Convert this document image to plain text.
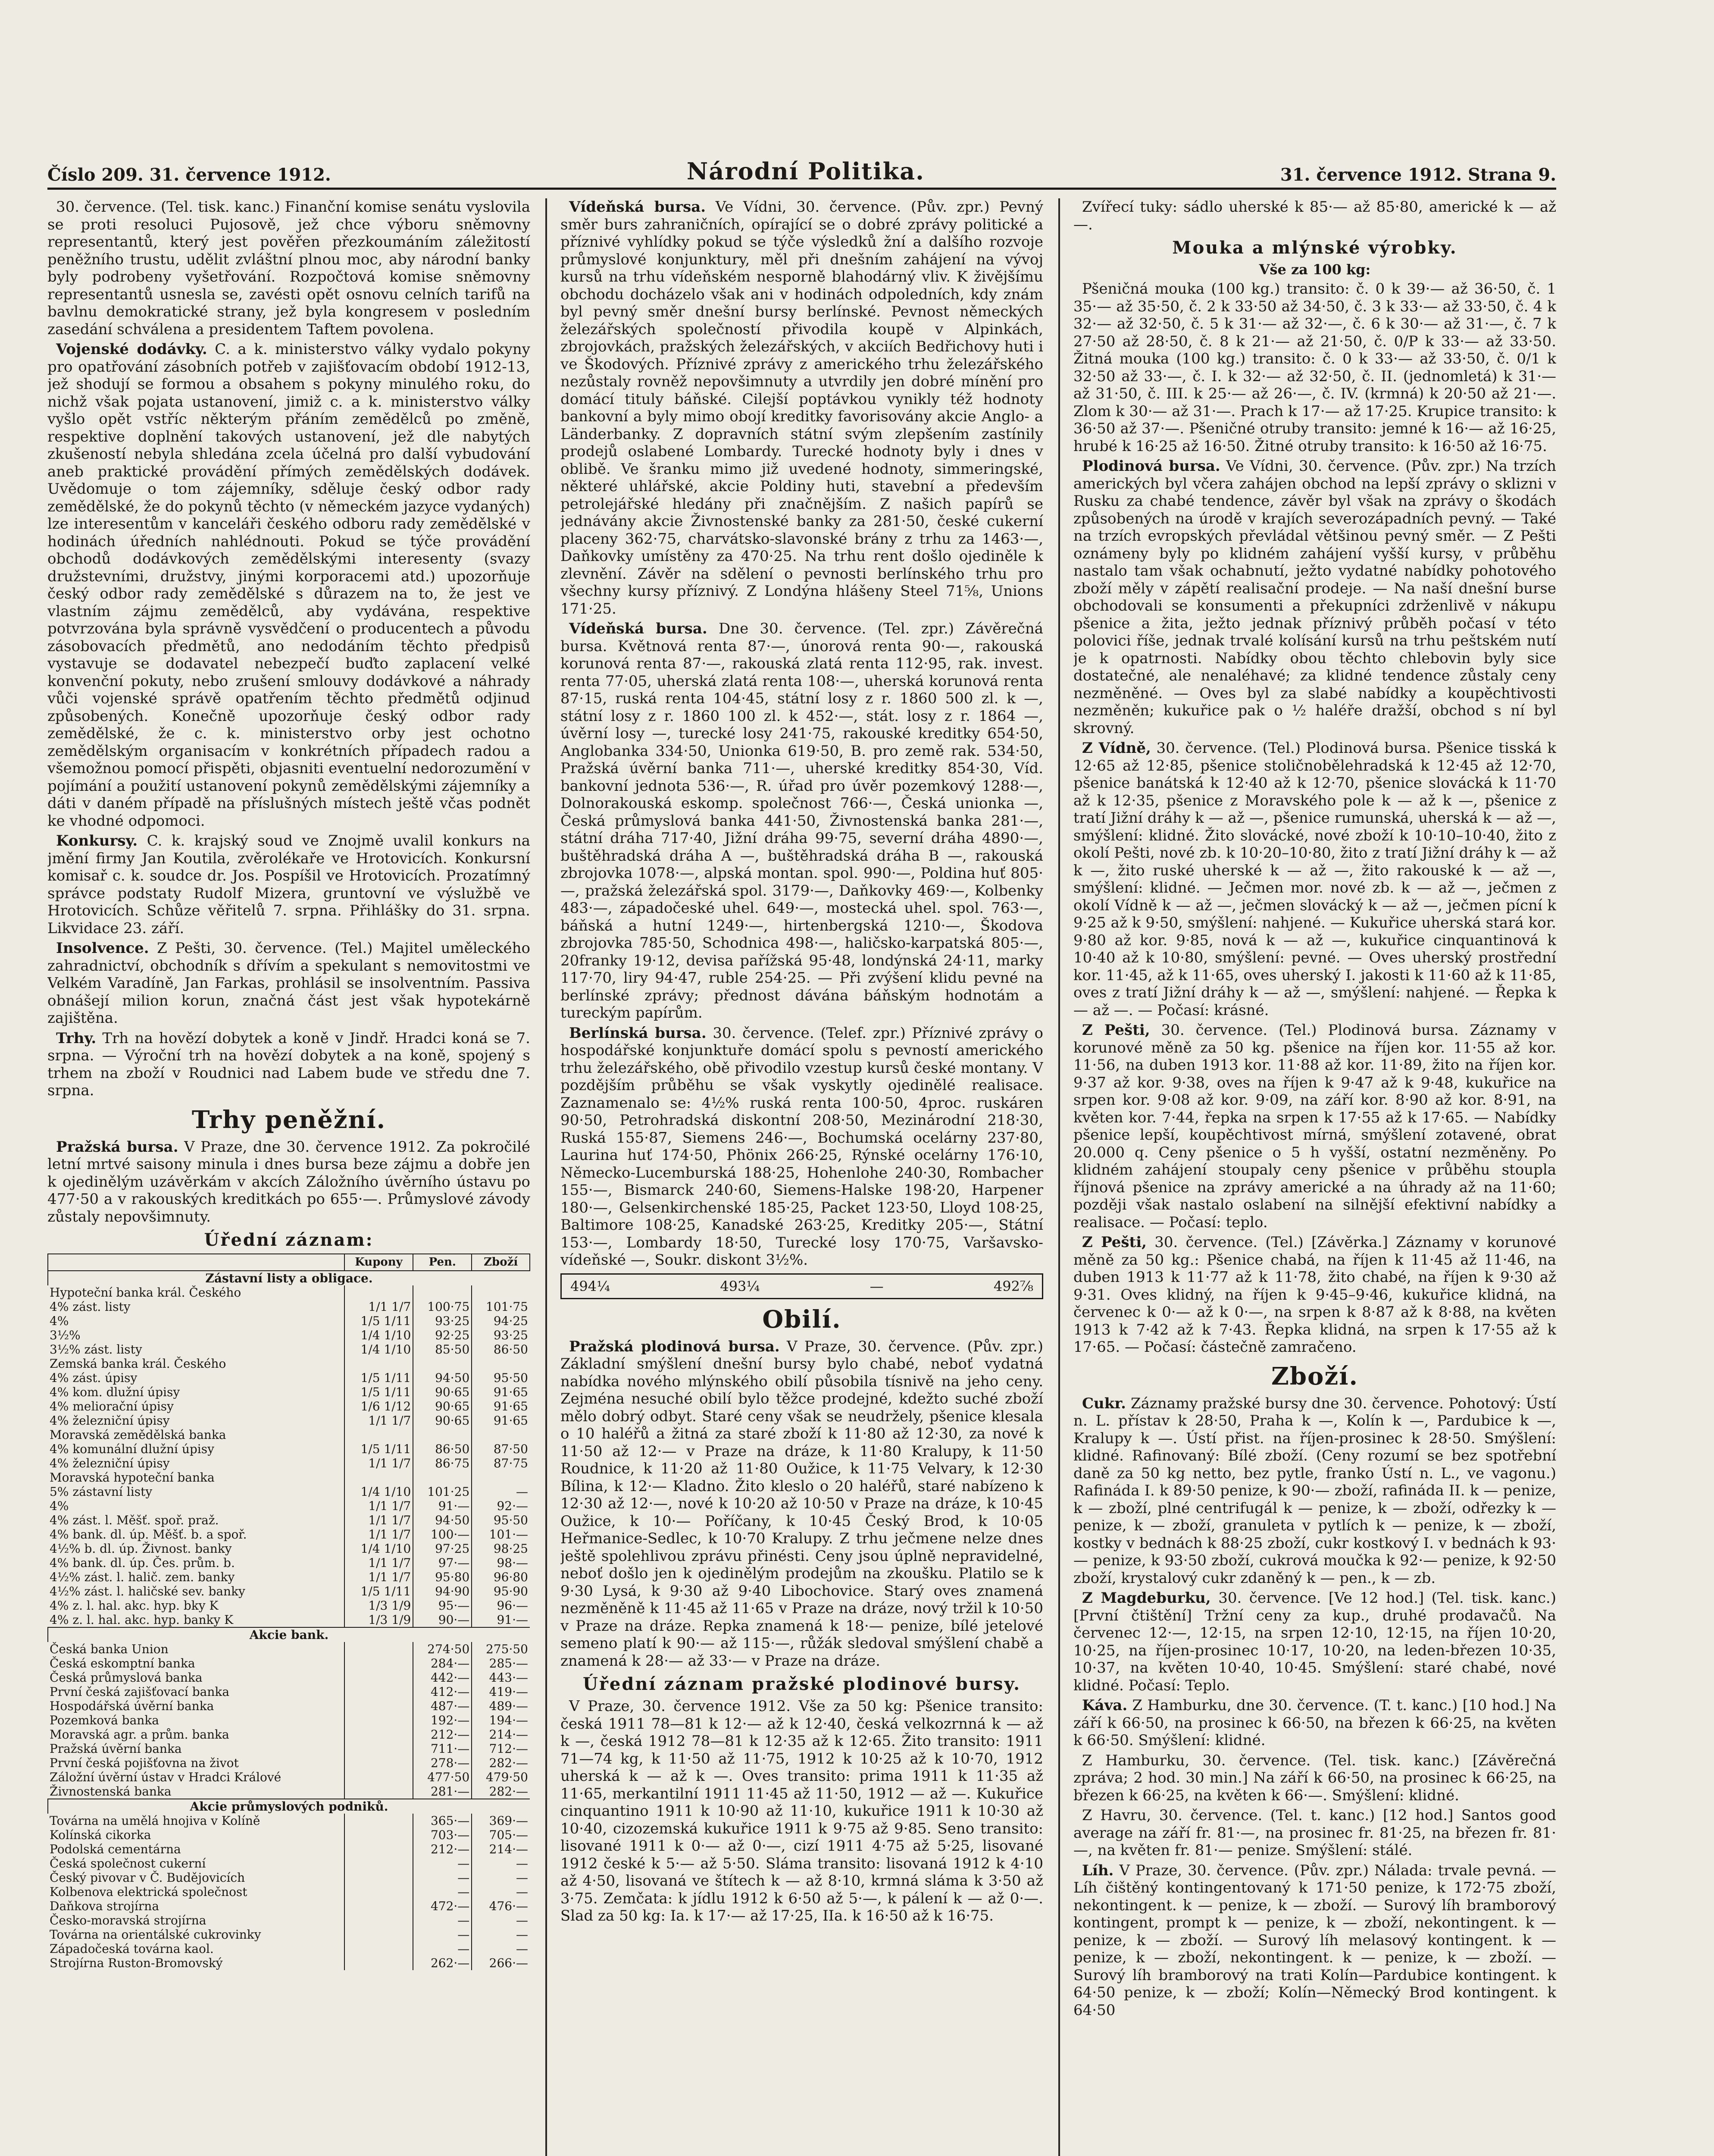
Číslo 209. 31. července 1912.	Národní Politika.	31. července 1912. Strana 9.

30. července. (Tel. tisk. kanc.) Finanční komise senátu vyslovila se proti resoluci Pujosově, jež chce výboru sněmovny representantů, který jest pověřen přezkoumáním záležitostí peněžního trustu, udělit zvláštní plnou moc, aby národní banky byly podrobeny vyšetřování. Rozpočtová komise sněmovny representantů usnesla se, zavésti opět osnovu celních tarifů na bavlnu demokratické strany, jež byla kongresem v posledním zasedání schválena a presidentem Taftem povolena.

Vojenské dodávky. C. a k. ministerstvo války vydalo pokyny pro opatřování zásobních potřeb v zajišťovacím období 1912-13, jež shodují se formou a obsahem s pokyny minulého roku, do nichž však pojata ustanovení, jimiž c. a k. ministerstvo války vyšlo opět vstříc některým přáním zemědělců po změně, respektive doplnění takových ustanovení, jež dle nabytých zkušeností nebyla shledána zcela účelná pro další vybudování aneb praktické provádění přímých zemědělských dodávek. Uvědomuje o tom zájemníky, sděluje český odbor rady zemědělské, že do pokynů těchto (v německém jazyce vydaných) lze interesentům v kanceláři českého odboru rady zemědělské v hodinách úředních nahlédnouti. Pokud se týče provádění obchodů dodávkových zemědělskými interesenty (svazy družstevními, družstvy, jinými korporacemi atd.) upozorňuje český odbor rady zemědělské s důrazem na to, že jest ve vlastním zájmu zemědělců, aby vydávána, respektive potvrzována byla správně vysvědčení o producentech a původu zásobovacích předmětů, ano nedodáním těchto předpisů vystavuje se dodavatel nebezpečí buďto zaplacení velké konvenční pokuty, nebo zrušení smlouvy dodávkové a náhrady vůči vojenské správě opatřením těchto předmětů odjinud způsobených. Konečně upozorňuje český odbor rady zemědělské, že c. k. ministerstvo orby jest ochotno zemědělským organisacím v konkrétních případech radou a všemožnou pomocí přispěti, objasniti eventuelní nedorozumění v pojímání a použití ustanovení pokynů zemědělskými zájemníky a dáti v daném případě na příslušných místech ještě včas podnět ke vhodné odpomoci.

Konkursy. C. k. krajský soud ve Znojmě uvalil konkurs na jmění firmy Jan Koutila, zvěrolékaře ve Hrotovicích. Konkursní komisař c. k. soudce dr. Jos. Pospíšil ve Hrotovicích. Prozatímný správce podstaty Rudolf Mizera, gruntovní ve výslužbě ve Hrotovicích. Schůze věřitelů 7. srpna. Přihlášky do 31. srpna. Likvidace 23. září.

Insolvence. Z Pešti, 30. července. (Tel.) Majitel uměleckého zahradnictví, obchodník s dřívím a spekulant s nemovitostmi ve Velkém Varadíně, Jan Farkas, prohlásil se insolventním. Passiva obnášejí milion korun, značná část jest však hypotekárně zajištěna.

Trhy. Trh na hovězí dobytek a koně v Jindř. Hradci koná se 7. srpna. — Výroční trh na hovězí dobytek a na koně, spojený s trhem na zboží v Roudnici nad Labem bude ve středu dne 7. srpna.

Trhy peněžní.

Pražská bursa. V Praze, dne 30. července 1912. Za pokročilé letní mrtvé saisony minula i dnes bursa beze zájmu a dobře jen k ojedinělým uzávěrkám v akcích Záložního úvěrního ústavu po 477·50 a v rakouských kreditkách po 655·—. Průmyslové závody zůstaly nepovšimnuty.

Úřední záznam:
	Kupony	Pen.	Zboží
Zástavní listy a obligace.			
Hypoteční banka král. Českého			
4% zást. listy	1/1 1/7	100·75	101·75
4%	1/5 1/11	93·25	94·25
3½%	1/4 1/10	92·25	93·25
3½% zást. listy	1/4 1/10	85·50	86·50
Zemská banka král. Českého			
4% zást. úpisy	1/5 1/11	94·50	95·50
4% kom. dlužní úpisy	1/5 1/11	90·65	91·65
4% meliorační úpisy	1/6 1/12	90·65	91·65
4% železniční úpisy	1/1 1/7	90·65	91·65
Moravská zemědělská banka			
4% komunální dlužní úpisy	1/5 1/11	86·50	87·50
4% železniční úpisy	1/1 1/7	86·75	87·75
Moravská hypoteční banka			
5% zástavní listy	1/4 1/10	101·25	—
4%	1/1 1/7	91·—	92·—
4% zást. l. Měšť. spoř. praž.	1/1 1/7	94·50	95·50
4% bank. dl. úp. Měšť. b. a spoř.	1/1 1/7	100·—	101·—
4½% b. dl. úp. Živnost. banky	1/4 1/10	97·25	98·25
4% bank. dl. úp. Čes. prům. b.	1/1 1/7	97·—	98·—
4½% zást. l. halič. zem. banky	1/1 1/7	95·80	96·80
4½% zást. l. haličské sev. banky	1/5 1/11	94·90	95·90
4% z. l. hal. akc. hyp. bky K	1/3 1/9	95·—	96·—
4% z. l. hal. akc. hyp. banky K	1/3 1/9	90·—	91·—
Akcie bank.			
Česká banka Union		274·50	275·50
Česká eskomptní banka		284·—	285·—
Česká průmyslová banka		442·—	443·—
První česká zajišťovací banka		412·—	419·—
Hospodářská úvěrní banka		487·—	489·—
Pozemková banka		192·—	194·—
Moravská agr. a prům. banka		212·—	214·—
Pražská úvěrní banka		711·—	712·—
První česká pojišťovna na život		278·—	282·—
Záložní úvěrní ústav v Hradci Králové		477·50	479·50
Živnostenská banka		281·—	282·—
Akcie průmyslových podniků.			
Továrna na umělá hnojiva v Kolíně		365·—	369·—
Kolínská cikorka		703·—	705·—
Podolská cementárna		212·—	214·—
Česká společnost cukerní		—	—
Český pivovar v Č. Budějovicích		—	—
Kolbenova elektrická společnost		—	—
Daňkova strojírna		472·—	476·—
Česko-moravská strojírna		—	—
Továrna na orientálské cukrovinky		—	—
Západočeská továrna kaol.		—	—
Strojírna Ruston-Bromovský		262·—	266·—

Vídeňská bursa. Ve Vídni, 30. července. (Pův. zpr.) Pevný směr burs zahraničních, opírající se o dobré zprávy politické a příznivé vyhlídky pokud se týče výsledků žní a dalšího rozvoje průmyslové konjunktury, měl při dnešním zahájení na vývoj kursů na trhu vídeňském nesporně blahodárný vliv. K živějšímu obchodu docházelo však ani v hodinách odpoledních, kdy znám byl pevný směr dnešní bursy berlínské. Pevnost německých železářských společností přivodila koupě v Alpinkách, zbrojovkách, pražských železářských, v akciích Bedřichovy huti i ve Škodových. Příznivé zprávy z amerického trhu železářského nezůstaly rovněž nepovšimnuty a utvrdily jen dobré mínění pro domácí tituly báňské. Cilejší poptávkou vynikly též hodnoty bankovní a byly mimo obojí kreditky favorisovány akcie Anglo- a Länderbanky. Z dopravních státní svým zlepšením zastínily prodejů oslabené Lombardy. Turecké hodnoty byly i dnes v oblibě. Ve šranku mimo již uvedené hodnoty, simmeringské, některé uhlářské, akcie Poldiny huti, stavební a především petrolejářské hledány při značnějším. Z našich papírů se jednávány akcie Živnostenské banky za 281·50, české cukerní placeny 362·75, charvátsko-slavonské brány z trhu za 1463·—, Daňkovky umístěny za 470·25. Na trhu rent došlo ojediněle k zlevnění. Závěr na sdělení o pevnosti berlínského trhu pro všechny kursy příznivý. Z Londýna hlášeny Steel 71⅝, Unions 171·25.

Vídeňská bursa. Dne 30. července. (Tel. zpr.) Závěrečná bursa. Květnová renta 87·—, únorová renta 90·—, rakouská korunová renta 87·—, rakouská zlatá renta 112·95, rak. invest. renta 77·05, uherská zlatá renta 108·—, uherská korunová renta 87·15, ruská renta 104·45, státní losy z r. 1860 500 zl. k —, státní losy z r. 1860 100 zl. k 452·—, stát. losy z r. 1864 —, úvěrní losy —, turecké losy 241·75, rakouské kreditky 654·50, Anglobanka 334·50, Unionka 619·50, B. pro země rak. 534·50, Pražská úvěrní banka 711·—, uherské kreditky 854·30, Víd. bankovní jednota 536·—, R. úřad pro úvěr pozemkový 1288·—, Dolnorakouská eskomp. společnost 766·—, Česká unionka —, Česká průmyslová banka 441·50, Živnostenská banka 281·—, státní dráha 717·40, Jižní dráha 99·75, severní dráha 4890·—, buštěhradská dráha A —, buštěhradská dráha B —, rakouská zbrojovka 1078·—, alpská montan. spol. 990·—, Poldina huť 805·—, pražská železářská spol. 3179·—, Daňkovky 469·—, Kolbenky 483·—, západočeské uhel. 649·—, mostecká uhel. spol. 763·—, báňská a hutní 1249·—, hirtenbergská 1210·—, Škodova zbrojovka 785·50, Schodnica 498·—, haličsko-karpatská 805·—, 20franky 19·12, devisa pařížská 95·48, londýnská 24·11, marky 117·70, liry 94·47, ruble 254·25. — Při zvýšení klidu pevné na berlínské zprávy; přednost dávána báňským hodnotám a tureckým papírům.

Berlínská bursa. 30. července. (Telef. zpr.) Příznivé zprávy o hospodářské konjunktuře domácí spolu s pevností amerického trhu železářského, obě přivodilo vzestup kursů české montany. V pozdějším průběhu se však vyskytly ojedinělé realisace. Zaznamenalo se: 4½% ruská renta 100·50, 4proc. ruskáren 90·50, Petrohradská diskontní 208·50, Mezinárodní 218·30, Ruská 155·87, Siemens 246·—, Bochumská ocelárny 237·80, Laurina huť 174·50, Phönix 266·25, Rýnské ocelárny 176·10, Německo-Lucemburská 188·25, Hohenlohe 240·30, Rombacher 155·—, Bismarck 240·60, Siemens-Halske 198·20, Harpener 180·—, Gelsenkirchenské 185·25, Packet 123·50, Lloyd 108·25, Baltimore 108·25, Kanadské 263·25, Kreditky 205·—, Státní 153·—, Lombardy 18·50, Turecké losy 170·75, Varšavsko-vídeňské —, Soukr. diskont 3½%.

494¼	493¼	—	492⅞
Obilí.

Pražská plodinová bursa. V Praze, 30. července. (Pův. zpr.) Základní smýšlení dnešní bursy bylo chabé, neboť vydatná nabídka nového mlýnského obilí působila tísnivě na jeho ceny. Zejména nesuché obilí bylo těžce prodejné, kdežto suché zboží mělo dobrý odbyt. Staré ceny však se neudržely, pšenice klesala o 10 haléřů a žitná za staré zboží k 11·80 až 12·30, za nové k 11·50 až 12·— v Praze na dráze, k 11·80 Kralupy, k 11·50 Roudnice, k 11·20 až 11·80 Oužice, k 11·75 Velvary, k 12·30 Bílina, k 12·— Kladno. Žito kleslo o 20 haléřů, staré nabízeno k 12·30 až 12·—, nové k 10·20 až 10·50 v Praze na dráze, k 10·45 Oužice, k 10·— Poříčany, k 10·45 Český Brod, k 10·05 Heřmanice-Sedlec, k 10·70 Kralupy. Z trhu ječmene nelze dnes ještě spolehlivou zprávu přinésti. Ceny jsou úplně nepravidelné, neboť došlo jen k ojedinělým prodejům na zkoušku. Platilo se k 9·30 Lysá, k 9·30 až 9·40 Libochovice. Starý oves znamená nezměněně k 11·45 až 11·65 v Praze na dráze, nový tržil k 10·50 v Praze na dráze. Repka znamená k 18·— penize, bílé jetelové semeno platí k 90·— až 115·—, růžák sledoval smýšlení chabě a znamená k 28·— až 33·— v Praze na dráze.

Úřední záznam pražské plodinové bursy.

V Praze, 30. července 1912. Vše za 50 kg: Pšenice transito: česká 1911 78—81 k 12·— až k 12·40, česká velkozrnná k — až k —, česká 1912 78—81 k 12·35 až k 12·65. Žito transito: 1911 71—74 kg, k 11·50 až 11·75, 1912 k 10·25 až k 10·70, 1912 uherská k — až k —. Oves transito: prima 1911 k 11·35 až 11·65, merkantilní 1911 11·45 až 11·50, 1912 — až —. Kukuřice cinquantino 1911 k 10·90 až 11·10, kukuřice 1911 k 10·30 až 10·40, cizozemská kukuřice 1911 k 9·75 až 9·85. Seno transito: lisované 1911 k 0·— až 0·—, cizí 1911 4·75 až 5·25, lisované 1912 české k 5·— až 5·50. Sláma transito: lisovaná 1912 k 4·10 až 4·50, lisovaná ve štítech k — až 8·10, krmná sláma k 3·50 až 3·75. Zemčata: k jídlu 1912 k 6·50 až 5·—, k pálení k — až 0·—. Slad za 50 kg: Ia. k 17·— až 17·25, IIa. k 16·50 až k 16·75.

Zvířecí tuky: sádlo uherské k 85·— až 85·80, americké k — až —.

Mouka a mlýnské výrobky.
Vše za 100 kg:

Pšeničná mouka (100 kg.) transito: č. 0 k 39·— až 36·50, č. 1 35·— až 35·50, č. 2 k 33·50 až 34·50, č. 3 k 33·— až 33·50, č. 4 k 32·— až 32·50, č. 5 k 31·— až 32·—, č. 6 k 30·— až 31·—, č. 7 k 27·50 až 28·50, č. 8 k 21·— až 21·50, č. 0/P k 33·— až 33·50. Žitná mouka (100 kg.) transito: č. 0 k 33·— až 33·50, č. 0/1 k 32·50 až 33·—, č. I. k 32·— až 32·50, č. II. (jednomletá) k 31·— až 31·50, č. III. k 25·— až 26·—, č. IV. (krmná) k 20·50 až 21·—. Zlom k 30·— až 31·—. Prach k 17·— až 17·25. Krupice transito: k 36·50 až 37·—. Pšeničné otruby transito: jemné k 16·— až 16·25, hrubé k 16·25 až 16·50. Žitné otruby transito: k 16·50 až 16·75.

Plodinová bursa. Ve Vídni, 30. července. (Pův. zpr.) Na trzích amerických byl včera zahájen obchod na lepší zprávy o sklizni v Rusku za chabé tendence, závěr byl však na zprávy o škodách způsobených na úrodě v krajích severozápadních pevný. — Také na trzích evropských převládal většinou pevný směr. — Z Pešti oznámeny byly po klidném zahájení vyšší kursy, v průběhu nastalo tam však ochabnutí, ježto vydatné nabídky pohotového zboží měly v zápětí realisační prodeje. — Na naší dnešní burse obchodovali se konsumenti a překupníci zdrženlivě v nákupu pšenice a žita, ježto jednak příznivý průběh počasí v této polovici říše, jednak trvalé kolísání kursů na trhu peštském nutí je k opatrnosti. Nabídky obou těchto chlebovin byly sice dostatečné, ale nenaléhavé; za klidné tendence zůstaly ceny nezměněné. — Oves byl za slabé nabídky a koupěchtivosti nezměněn; kukuřice pak o ½ haléře dražší, obchod s ní byl skrovný.

Z Vídně, 30. července. (Tel.) Plodinová bursa. Pšenice tisská k 12·65 až 12·85, pšenice stoličnobělehradská k 12·45 až 12·70, pšenice banátská k 12·40 až k 12·70, pšenice slovácká k 11·70 až k 12·35, pšenice z Moravského pole k — až k —, pšenice z tratí Jižní dráhy k — až —, pšenice rumunská, uherská k — až —, smýšlení: klidné. Žito slovácké, nové zboží k 10·10–10·40, žito z okolí Pešti, nové zb. k 10·20–10·80, žito z tratí Jižní dráhy k — až k —, žito ruské uherské k — až —, žito rakouské k — až —, smýšlení: klidné. — Ječmen mor. nové zb. k — až —, ječmen z okolí Vídně k — až —, ječmen slovácký k — až —, ječmen pícní k 9·25 až k 9·50, smýšlení: nahjené. — Kukuřice uherská stará kor. 9·80 až kor. 9·85, nová k — až —, kukuřice cinquantinová k 10·40 až k 10·80, smýšlení: pevné. — Oves uherský prostřední kor. 11·45, až k 11·65, oves uherský I. jakosti k 11·60 až k 11·85, oves z tratí Jižní dráhy k — až —, smýšlení: nahjené. — Řepka k — až —. — Počasí: krásné.

Z Pešti, 30. července. (Tel.) Plodinová bursa. Záznamy v korunové měně za 50 kg. pšenice na říjen kor. 11·55 až kor. 11·56, na duben 1913 kor. 11·88 až kor. 11·89, žito na říjen kor. 9·37 až kor. 9·38, oves na říjen k 9·47 až k 9·48, kukuřice na srpen kor. 9·08 až kor. 9·09, na září kor. 8·90 až kor. 8·91, na květen kor. 7·44, řepka na srpen k 17·55 až k 17·65. — Nabídky pšenice lepší, koupěchtivost mírná, smýšlení zotavené, obrat 20.000 q. Ceny pšenice o 5 h vyšší, ostatní nezměněny. Po klidném zahájení stoupaly ceny pšenice v průběhu stoupla říjnová pšenice na zprávy americké a na úhrady až na 11·60; později však nastalo oslabení na silnější efektivní nabídky a realisace. — Počasí: teplo.

Z Pešti, 30. července. (Tel.) [Závěrka.] Záznamy v korunové měně za 50 kg.: Pšenice chabá, na říjen k 11·45 až 11·46, na duben 1913 k 11·77 až k 11·78, žito chabé, na říjen k 9·30 až 9·31. Oves klidný, na říjen k 9·45–9·46, kukuřice klidná, na červenec k 0·— až k 0·—, na srpen k 8·87 až k 8·88, na květen 1913 k 7·42 až k 7·43. Řepka klidná, na srpen k 17·55 až k 17·65. — Počasí: částečně zamračeno.

Zboží.

Cukr. Záznamy pražské bursy dne 30. července. Pohotový: Ústí n. L. přístav k 28·50, Praha k —, Kolín k —, Pardubice k —, Kralupy k —. Ústí přist. na říjen-prosinec k 28·50. Smýšlení: klidné. Rafinovaný: Bílé zboží. (Ceny rozumí se bez spotřební daně za 50 kg netto, bez pytle, franko Ústí n. L., ve vagonu.) Rafináda I. k 89·50 penize, k 90·— zboží, rafináda II. k — penize, k — zboží, plné centrifugál k — penize, k — zboží, odřezky k — penize, k — zboží, granuleta v pytlích k — penize, k — zboží, kostky v bednách k 88·25 zboží, cukr kostkový I. v bednách k 93·— penize, k 93·50 zboží, cukrová moučka k 92·— penize, k 92·50 zboží, krystalový cukr zdaněný k — pen., k — zb.

Z Magdeburku, 30. července. [Ve 12 hod.] (Tel. tisk. kanc.) [První čtištění] Tržní ceny za kup., druhé prodavačů. Na červenec 12·—, 12·15, na srpen 12·10, 12·15, na říjen 10·20, 10·25, na říjen-prosinec 10·17, 10·20, na leden-březen 10·35, 10·37, na květen 10·40, 10·45. Smýšlení: staré chabé, nové klidné. Počasí: Teplo.

Káva. Z Hamburku, dne 30. července. (T. t. kanc.) [10 hod.] Na září k 66·50, na prosinec k 66·50, na březen k 66·25, na květen k 66·50. Smýšlení: klidné.

Z Hamburku, 30. července. (Tel. tisk. kanc.) [Závěrečná zpráva; 2 hod. 30 min.] Na září k 66·50, na prosinec k 66·25, na březen k 66·25, na květen k 66·—. Smýšlení: klidné.

Z Havru, 30. července. (Tel. t. kanc.) [12 hod.] Santos good average na září fr. 81·—, na prosinec fr. 81·25, na březen fr. 81·—, na květen fr. 81·— penize. Smýšlení: stálé.

Líh. V Praze, 30. července. (Pův. zpr.) Nálada: trvale pevná. — Líh čištěný kontingentovaný k 171·50 penize, k 172·75 zboží, nekontingent. k — penize, k — zboží. — Surový líh bramborový kontingent, prompt k — penize, k — zboží, nekontingent. k — penize, k — zboží. — Surový líh melasový kontingent. k — penize, k — zboží, nekontingent. k — penize, k — zboží. — Surový líh bramborový na trati Kolín—Pardubice kontingent. k 64·50 penize, k — zboží; Kolín—Německý Brod kontingent. k 64·50
